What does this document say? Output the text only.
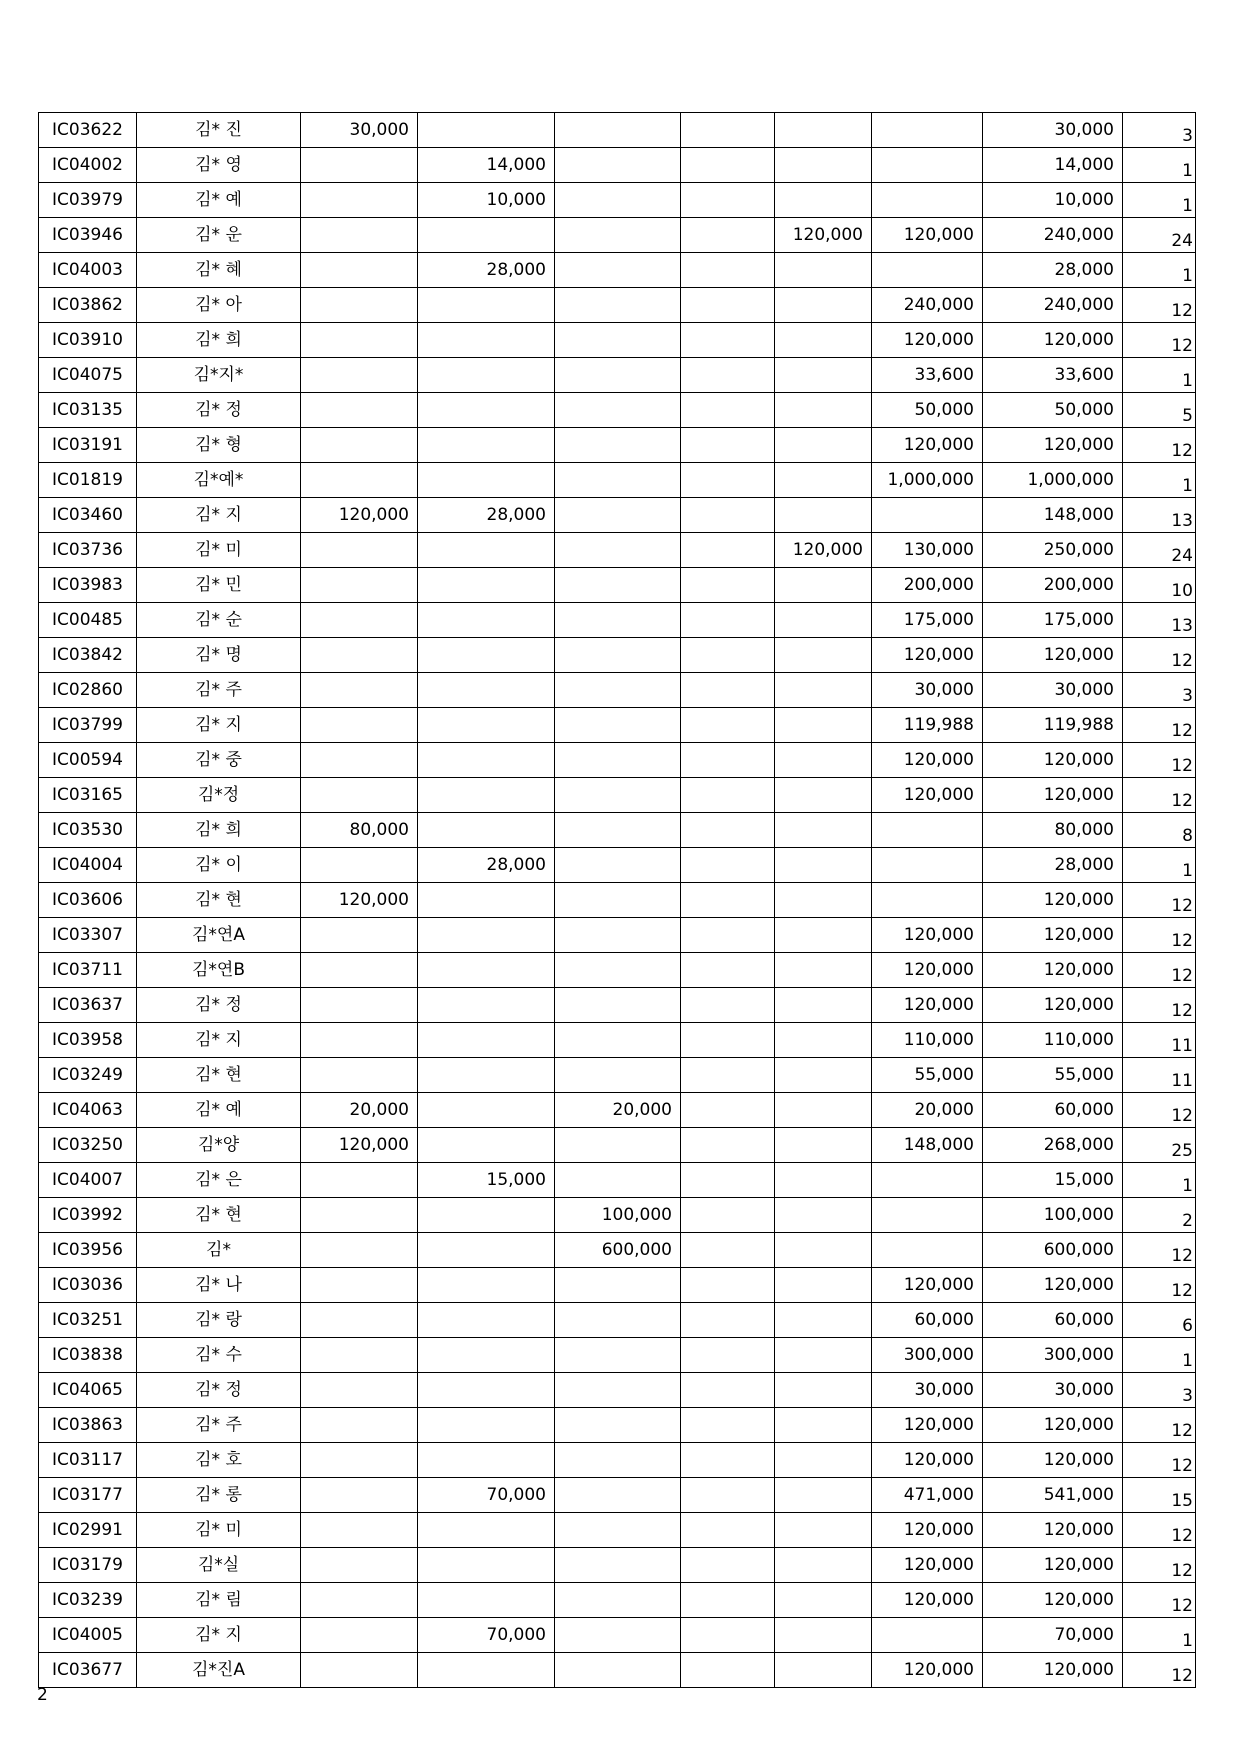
IC03622	김* 진	30,000						30,000	3
IC04002	김* 영		14,000					14,000	1
IC03979	김* 예		10,000					10,000	1
IC03946	김* 운					120,000	120,000	240,000	24
IC04003	김* 혜		28,000					28,000	1
IC03862	김* 아						240,000	240,000	12
IC03910	김* 희						120,000	120,000	12
IC04075	김*지*						33,600	33,600	1
IC03135	김* 정						50,000	50,000	5
IC03191	김* 형						120,000	120,000	12
IC01819	김*예*						1,000,000	1,000,000	1
IC03460	김* 지	120,000	28,000					148,000	13
IC03736	김* 미					120,000	130,000	250,000	24
IC03983	김* 민						200,000	200,000	10
IC00485	김* 순						175,000	175,000	13
IC03842	김* 명						120,000	120,000	12
IC02860	김* 주						30,000	30,000	3
IC03799	김* 지						119,988	119,988	12
IC00594	김* 중						120,000	120,000	12
IC03165	김*정						120,000	120,000	12
IC03530	김* 희	80,000						80,000	8
IC04004	김* 이		28,000					28,000	1
IC03606	김* 현	120,000						120,000	12
IC03307	김*연A						120,000	120,000	12
IC03711	김*연B						120,000	120,000	12
IC03637	김* 정						120,000	120,000	12
IC03958	김* 지						110,000	110,000	11
IC03249	김* 현						55,000	55,000	11
IC04063	김* 예	20,000		20,000			20,000	60,000	12
IC03250	김*양	120,000					148,000	268,000	25
IC04007	김* 은		15,000					15,000	1
IC03992	김* 현			100,000				100,000	2
IC03956	김*			600,000				600,000	12
IC03036	김* 나						120,000	120,000	12
IC03251	김* 랑						60,000	60,000	6
IC03838	김* 수						300,000	300,000	1
IC04065	김* 정						30,000	30,000	3
IC03863	김* 주						120,000	120,000	12
IC03117	김* 호						120,000	120,000	12
IC03177	김* 롱		70,000				471,000	541,000	15
IC02991	김* 미						120,000	120,000	12
IC03179	김*실						120,000	120,000	12
IC03239	김* 림						120,000	120,000	12
IC04005	김* 지		70,000					70,000	1
IC03677	김*진A						120,000	120,000	12
2
